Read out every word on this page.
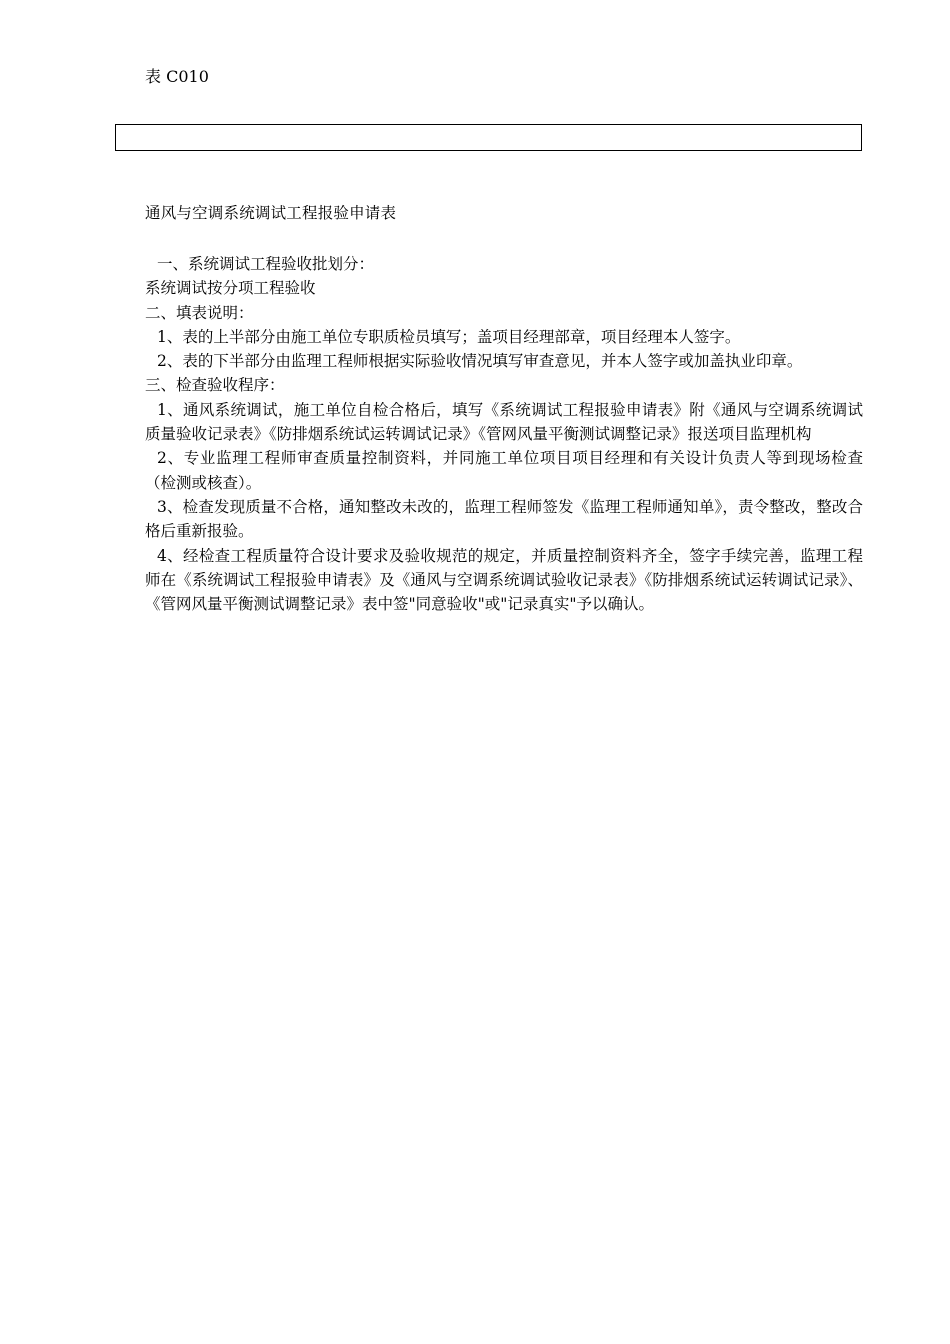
表 C010
通风与空调系统调试工程报验申请表

一、系统调试工程验收批划分：

系统调试按分项工程验收

二、填表说明：

1、表的上半部分由施工单位专职质检员填写；盖项目经理部章，项目经理本人签字。

2、表的下半部分由监理工程师根据实际验收情况填写审查意见，并本人签字或加盖执业印章。

三、检查验收程序：

1、通风系统调试，施工单位自检合格后，填写《系统调试工程报验申请表》附《通风与空调系统调试质量验收记录表》《防排烟系统试运转调试记录》《管网风量平衡测试调整记录》报送项目监理机构

2、专业监理工程师审查质量控制资料，并同施工单位项目项目经理和有关设计负责人等到现场检查（检测或核查）。

3、检查发现质量不合格，通知整改未改的，监理工程师签发《监理工程师通知单》，责令整改，整改合格后重新报验。

4、经检查工程质量符合设计要求及验收规范的规定，并质量控制资料齐全，签字手续完善，监理工程师在《系统调试工程报验申请表》及《通风与空调系统调试验收记录表》《防排烟系统试运转调试记录》、《管网风量平衡测试调整记录》表中签"同意验收"或"记录真实"予以确认。
